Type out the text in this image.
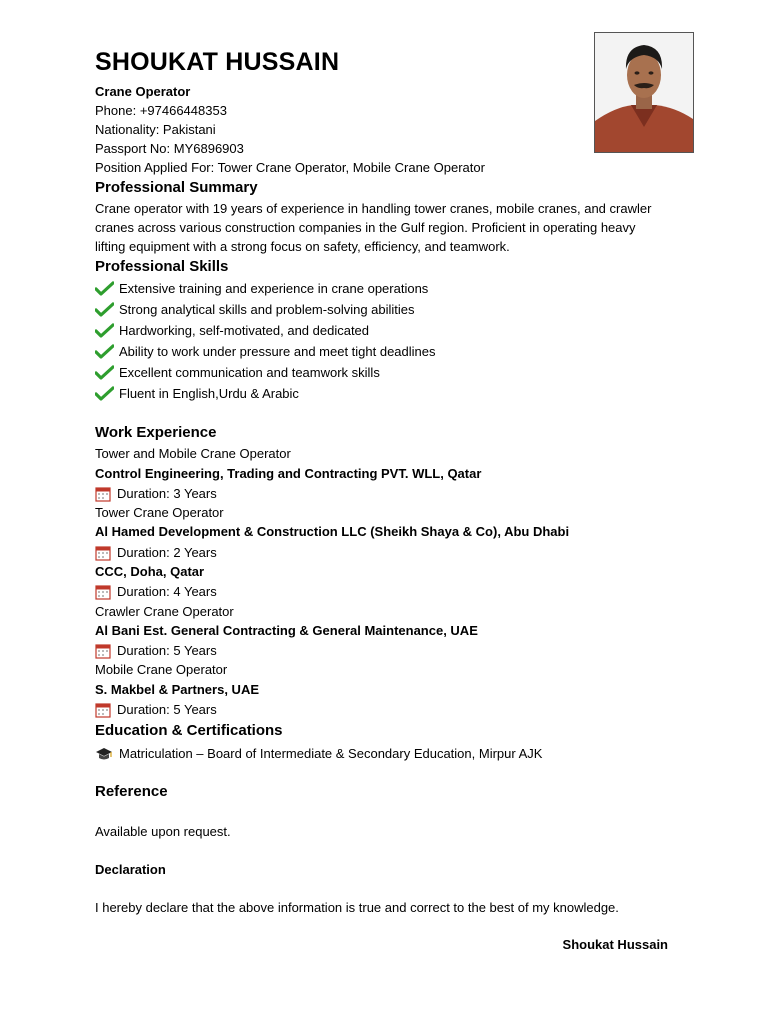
SHOUKAT HUSSAIN
Crane Operator
Phone: +97466448353
Nationality: Pakistani
Passport No: MY6896903
Position Applied For: Tower Crane Operator, Mobile Crane Operator
Professional Summary
Crane operator with 19 years of experience in handling tower cranes, mobile cranes, and crawler
cranes across various construction companies in the Gulf region. Proficient in operating heavy
lifting equipment with a strong focus on safety, efficiency, and teamwork.
Professional Skills
Extensive training and experience in crane operations
Strong analytical skills and problem-solving abilities
Hardworking, self-motivated, and dedicated
Ability to work under pressure and meet tight deadlines
Excellent communication and teamwork skills
Fluent in English,Urdu & Arabic
Work Experience
Tower and Mobile Crane Operator
Control Engineering, Trading and Contracting PVT. WLL, Qatar
Duration: 3 Years
Tower Crane Operator
Al Hamed Development & Construction LLC (Sheikh Shaya & Co), Abu Dhabi
Duration: 2 Years
CCC, Doha, Qatar
Duration: 4 Years
Crawler Crane Operator
Al Bani Est. General Contracting & General Maintenance, UAE
Duration: 5 Years
Mobile Crane Operator
S. Makbel & Partners, UAE
Duration: 5 Years
Education & Certifications
Matriculation – Board of Intermediate & Secondary Education, Mirpur AJK
Reference
Available upon request.
Declaration
I hereby declare that the above information is true and correct to the best of my knowledge.
Shoukat Hussain
